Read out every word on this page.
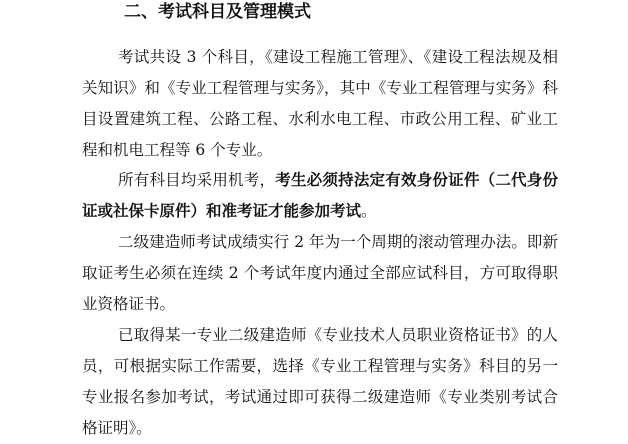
二、考试科目及管理模式

考试共设 3 个科目，《建设工程施工管理》、《建设工程法规及相关知识》和《专业工程管理与实务》，其中《专业工程管理与实务》科目设置建筑工程、公路工程、水利水电工程、市政公用工程、矿业工程和机电工程等 6 个专业。

所有科目均采用机考，考生必须持法定有效身份证件（二代身份证或社保卡原件）和准考证才能参加考试。

二级建造师考试成绩实行 2 年为一个周期的滚动管理办法。即新取证考生必须在连续 2 个考试年度内通过全部应试科目，方可取得职业资格证书。

已取得某一专业二级建造师《专业技术人员职业资格证书》的人员，可根据实际工作需要，选择《专业工程管理与实务》科目的另一专业报名参加考试，考试通过即可获得二级建造师《专业类别考试合格证明》。
